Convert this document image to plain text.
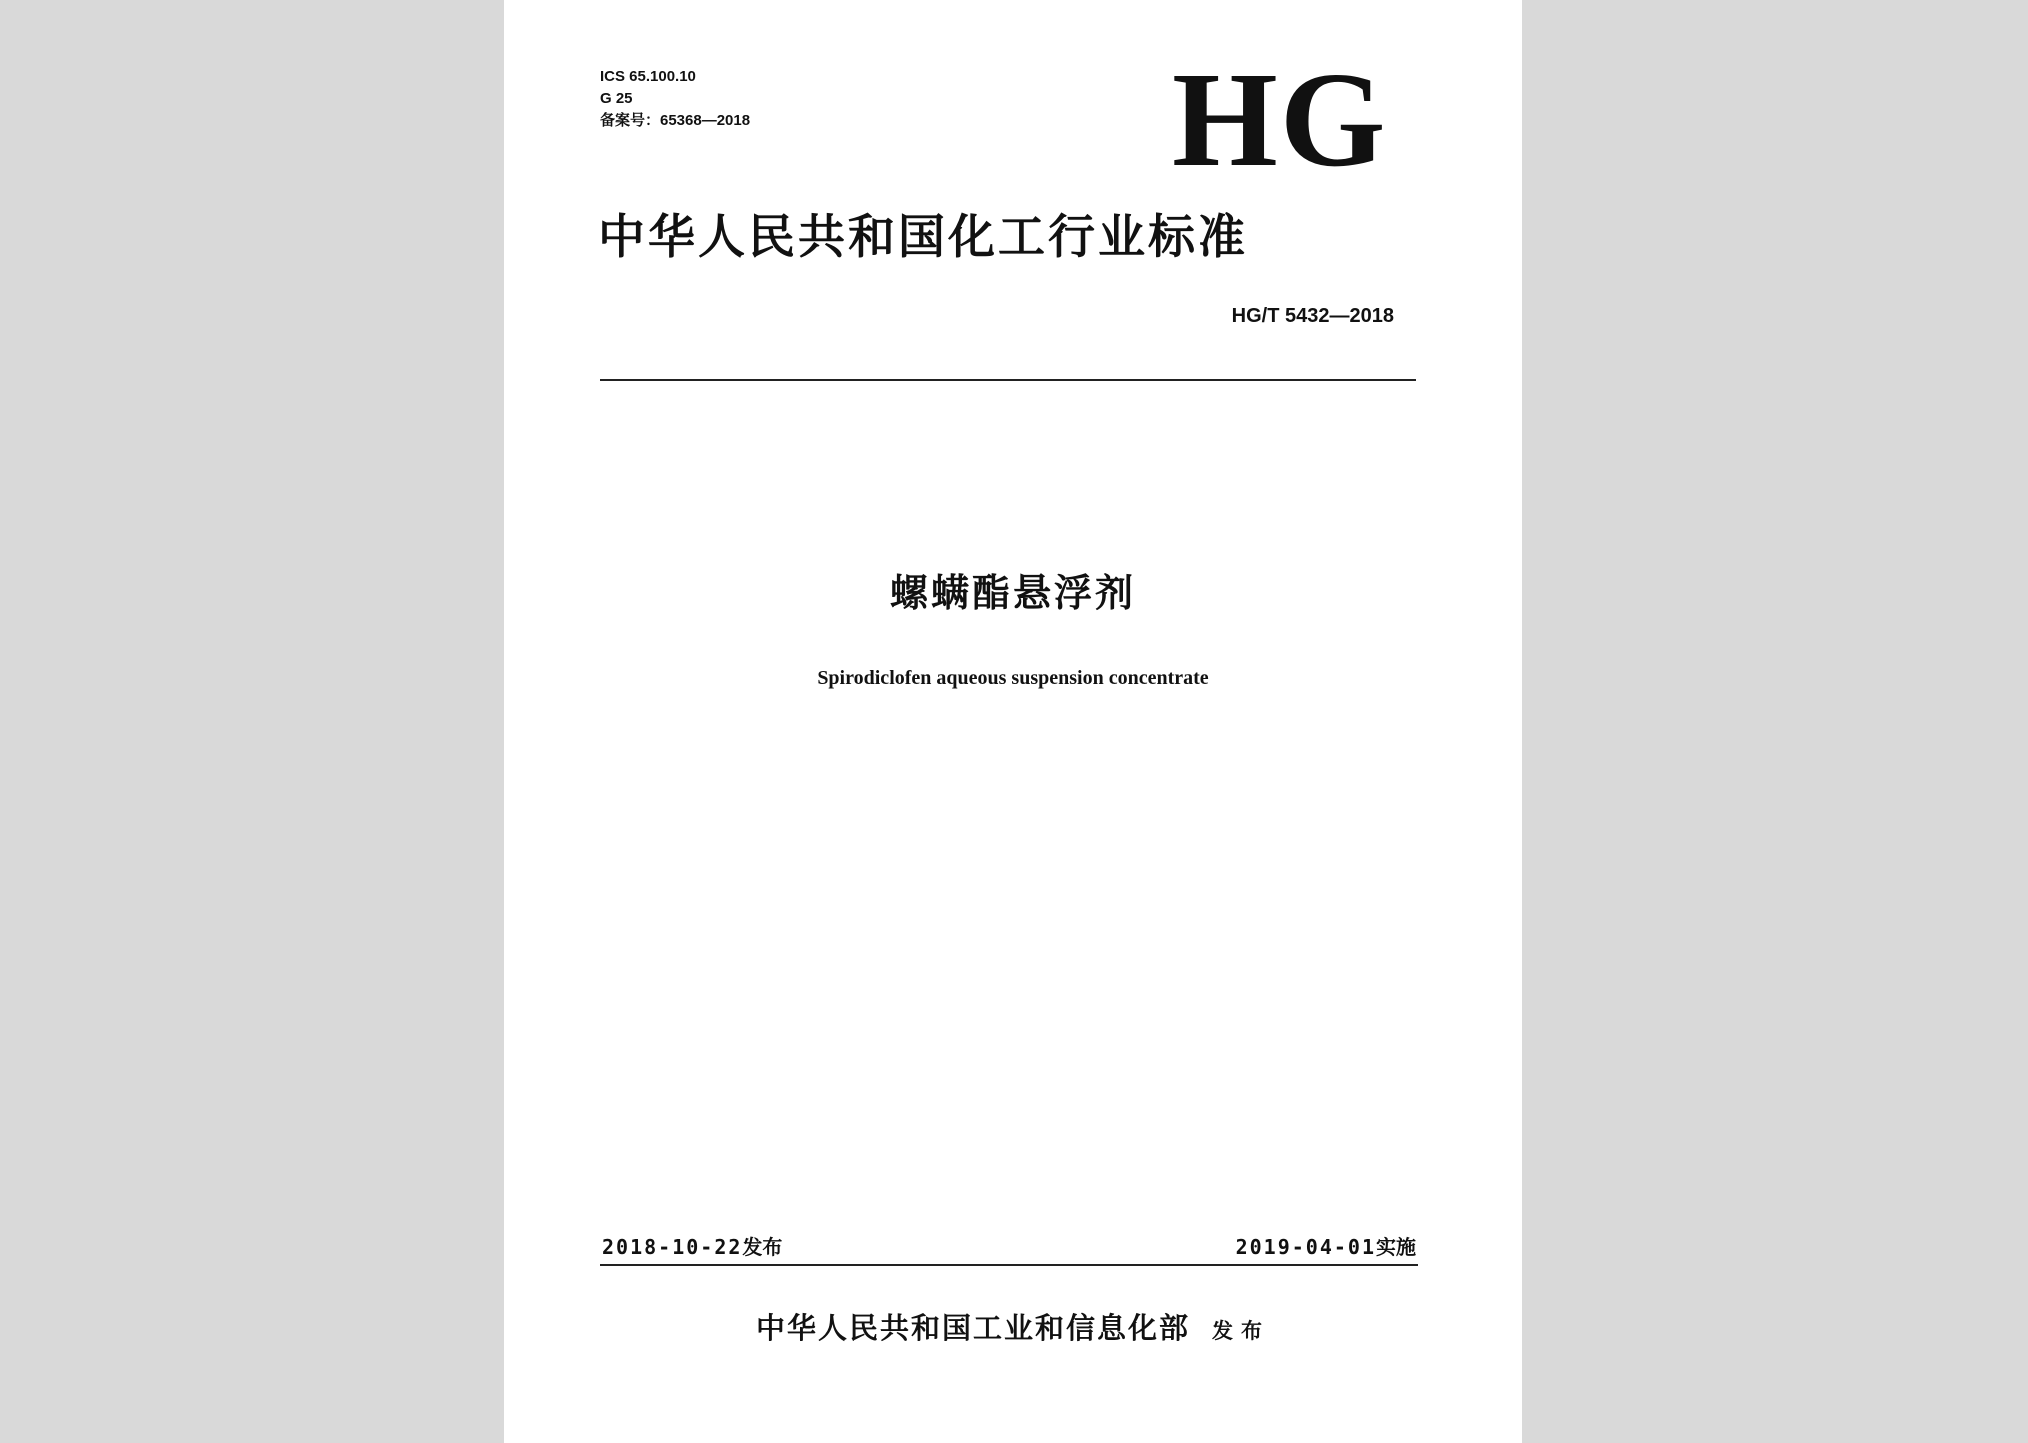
ICS 65.100.10
G 25
备案号：65368—2018	HG
中华人民共和国化工行业标准
HG/T 5432—2018
螺螨酯悬浮剂
Spirodiclofen aqueous suspension concentrate
2018-10-22发布	2019-04-01实施
中华人民共和国工业和信息化部 发布
